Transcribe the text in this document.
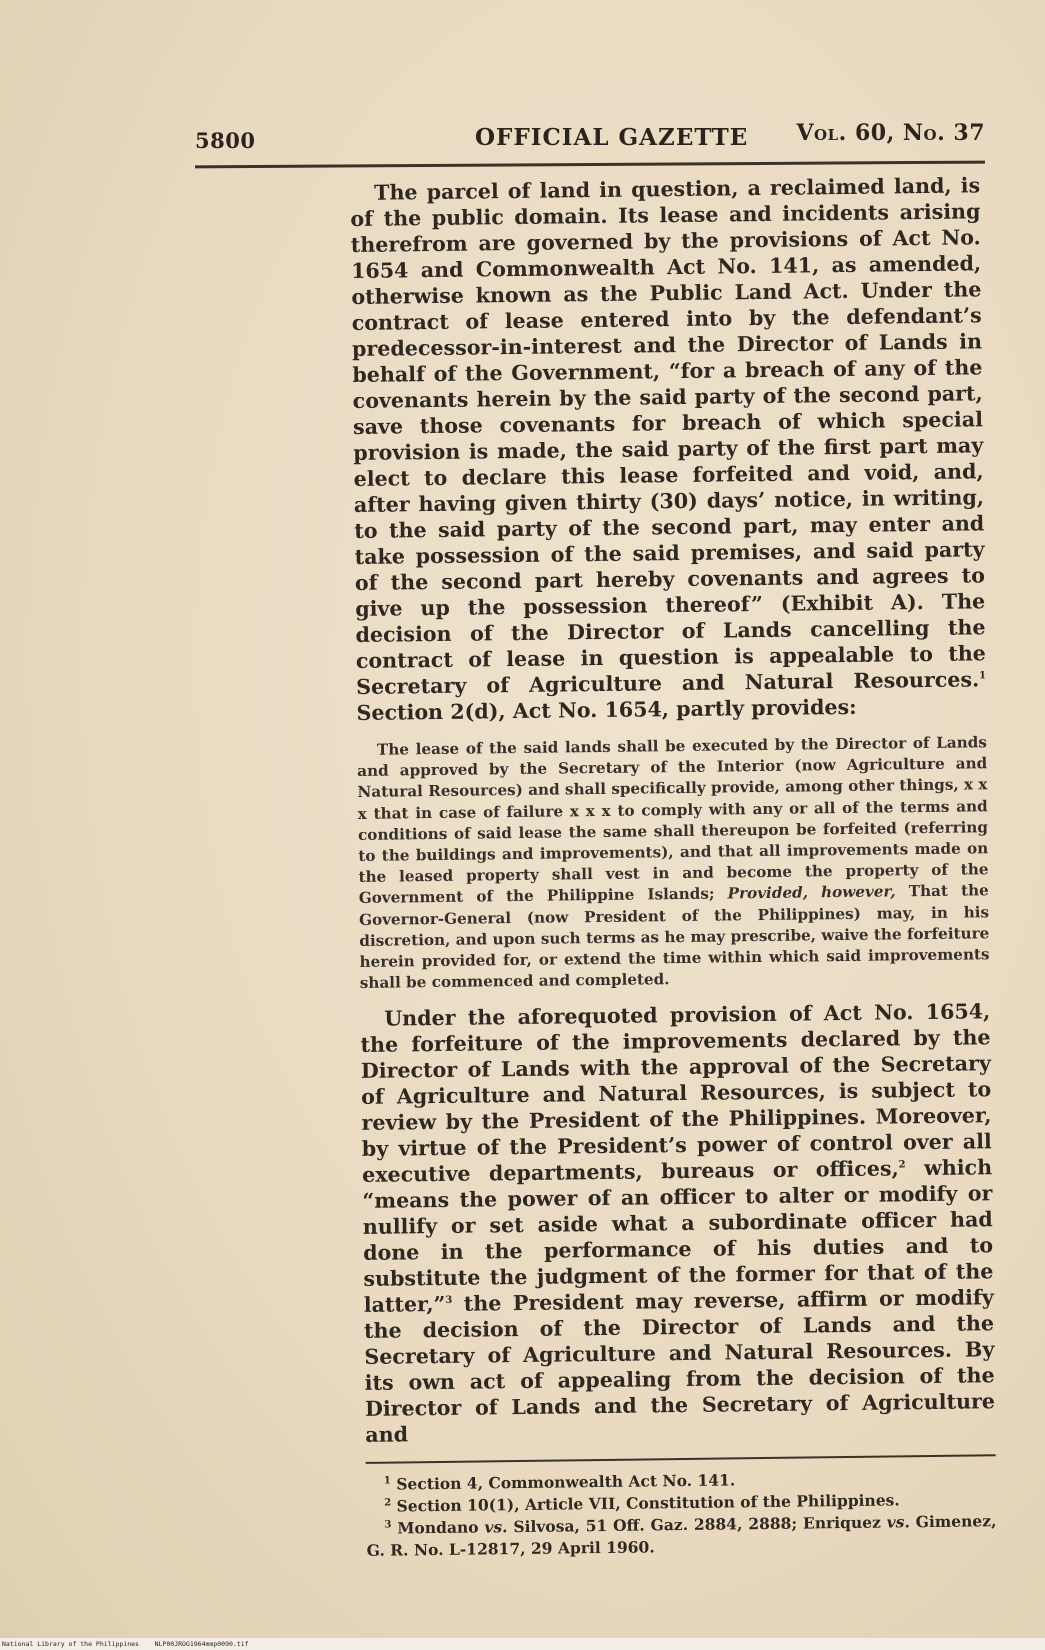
5800	OFFICIAL GAZETTE Vol. 60, No. 37

The parcel of land in question, a reclaimed land, is of the public domain. Its lease and incidents arising therefrom are governed by the provisions of Act No. 1654 and Commonwealth Act No. 141, as amended, otherwise known as the Public Land Act. Under the contract of lease entered into by the defendant’s predecessor-in-interest and the Director of Lands in behalf of the Government, “for a breach of any of the covenants herein by the said party of the second part, save those covenants for breach of which special provision is made, the said party of the first part may elect to declare this lease forfeited and void, and, after having given thirty (30) days’ notice, in writing, to the said party of the second part, may enter and take possession of the said premises, and said party of the second part hereby covenants and agrees to give up the possession thereof” (Exhibit A). The decision of the Director of Lands cancelling the contract of lease in question is appealable to the Secretary of Agriculture and Natural Resources.$^1$ Section 2(d), Act No. 1654, partly provides:

The lease of the said lands shall be executed by the Director of Lands and approved by the Secretary of the Interior (now Agriculture and Natural Resources) and shall specifically provide, among other things, x x x that in case of failure x x x to comply with any or all of the terms and conditions of said lease the same shall thereupon be forfeited (referring to the buildings and improvements), and that all improvements made on the leased property shall vest in and become the property of the Government of the Philippine Islands; Provided, however, That the Governor-General (now President of the Philippines) may, in his discretion, and upon such terms as he may prescribe, waive the forfeiture herein provided for, or extend the time within which said improvements shall be commenced and completed.

Under the aforequoted provision of Act No. 1654, the forfeiture of the improvements declared by the Director of Lands with the approval of the Secretary of Agriculture and Natural Resources, is subject to review by the President of the Philippines. Moreover, by virtue of the President’s power of control over all executive departments, bureaus or offices,$^2$ which “means the power of an officer to alter or modify or nullify or set aside what a subordinate officer had done in the performance of his duties and to substitute the judgment of the former for that of the latter,”$^3$ the President may reverse, affirm or modify the decision of the Director of Lands and the Secretary of Agriculture and Natural Resources. By its own act of appealing from the decision of the Director of Lands and the Secretary of Agriculture and

$^1$ Section 4, Commonwealth Act No. 141.

$^2$ Section 10(1), Article VII, Constitution of the Philippines.

$^3$ Mondano vs. Silvosa, 51 Off. Gaz. 2884, 2888; Enriquez vs. Gimenez, G. R. No. L-12817, 29 April 1960.

National Library of the Philippines NLP00JROG1964mmp0090.tif
